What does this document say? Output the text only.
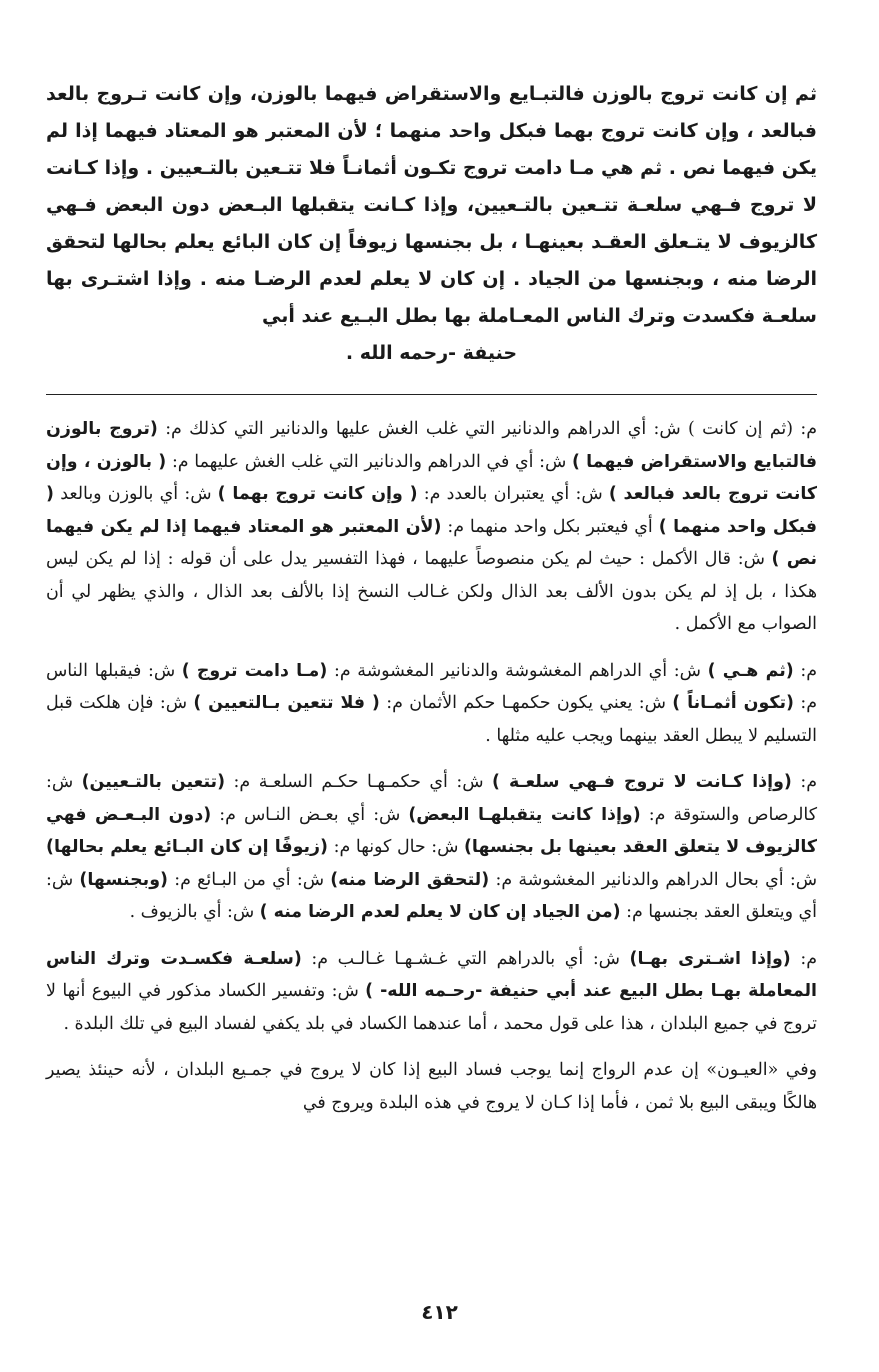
ثم إن كانت تروج بالوزن فالتبـايع والاستقراض فيهما بالوزن، وإن كانت تـروج بالعد فبالعد ، وإن كانت تروج بهما فبكل واحد منهما ؛ لأن المعتبر هو المعتاد فيهما إذا لم يكن فيهما نص . ثم هي مـا دامت تروج تكـون أثمانـاً فلا تتـعين بالتـعيين . وإذا كـانت لا تروج فـهي سلعـة تتـعين بالتـعيين، وإذا كـانت يتقبلها البـعض دون البعض فـهي كالزيوف لا يتـعلق العقـد بعينهـا ، بل بجنسها زيوفاً إن كان البائع يعلم بحالها لتحقق الرضا منه ، وبجنسها من الجياد . إن كان لا يعلم لعدم الرضـا منه . وإذا اشتـرى بها سلعـة فكسدت وترك الناس المعـاملة بها بطل البـيع عند أبي

حنيفة -رحمه الله .

م: (ثم إن كانت ) ش: أي الدراهم والدنانير التي غلب الغش عليها والدنانير التي كذلك م: (تروج بالوزن فالتبايع والاستقراض فيهما ) ش: أي في الدراهم والدنانير التي غلب الغش عليهما م: ( بالوزن ، وإن كانت تروج بالعد فبالعد ) ش: أي يعتبران بالعدد م: ( وإن كانت تروج بهما ) ش: أي بالوزن وبالعد ( فبكل واحد منهما ) أي فيعتبر بكل واحد منهما م: (لأن المعتبر هو المعتاد فيهما إذا لم يكن فيهما نص ) ش: قال الأكمل : حيث لم يكن منصوصاً عليهما ، فهذا التفسير يدل على أن قوله : إذا لم يكن ليس هكذا ، بل إذ لم يكن بدون الألف بعد الذال ولكن غـالب النسخ إذا بالألف بعد الذال ، والذي يظهر لي أن الصواب مع الأكمل .

م: (ثم هـي ) ش: أي الدراهم المغشوشة والدنانير المغشوشة م: (مـا دامت تروج ) ش: فيقبلها الناس م: (تكون أثمـاناً ) ش: يعني يكون حكمهـا حكم الأثمان م: ( فلا تتعين بـالتعيين ) ش: فإن هلكت قبل التسليم لا يبطل العقد بينهما ويجب عليه مثلها .

م: (وإذا كـانت لا تروج فـهي سلعـة ) ش: أي حكمـهـا حكـم السلعـة م: (تتعين بالتـعيين) ش: كالرصاص والستوقة م: (وإذا كانت يتقبلهـا البعض) ش: أي بعـض النـاس م: (دون البـعـض فهي كالزيوف لا يتعلق العقد بعينها بل بجنسها) ش: حال كونها م: (زيوفًا إن كان البـائع يعلم بحالها) ش: أي بحال الدراهم والدنانير المغشوشة م: (لتحقق الرضا منه) ش: أي من البـائع م: (وبجنسها) ش: أي ويتعلق العقد بجنسها م: (من الجياد إن كان لا يعلم لعدم الرضا منه ) ش: أي بالزيوف .

م: (وإذا اشـترى بهـا) ش: أي بالدراهم التي غـشـهـا غـالـب م: (سلعـة فكسـدت وترك الناس المعاملة بهـا بطل البيع عند أبي حنيفة -رحـمه الله- ) ش: وتفسير الكساد مذكور في البيوع أنها لا تروج في جميع البلدان ، هذا على قول محمد ، أما عندهما الكساد في بلد يكفي لفساد البيع في تلك البلدة .

وفي «العيـون» إن عدم الرواج إنما يوجب فساد البيع إذا كان لا يروج في جمـيع البلدان ، لأنه حينئذ يصير هالكًا ويبقى البيع بلا ثمن ، فأما إذا كـان لا يروج في هذه البلدة ويروج في

٤١٢
